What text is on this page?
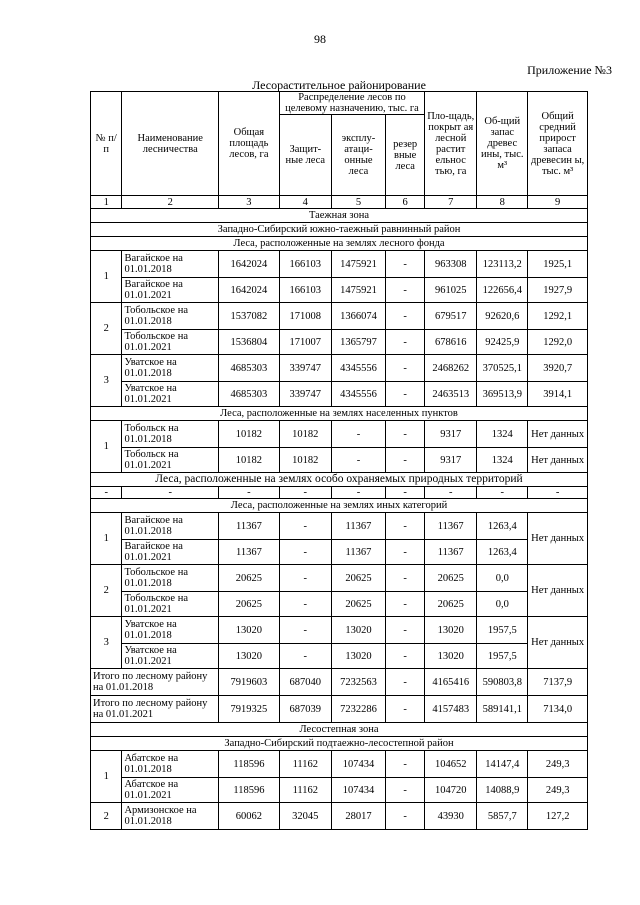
98
Приложение №3
Лесорастительное районирование
№ п/п	Наименование лесничества	Общая площадь лесов, га	Распределение лесов по целевому назначению, тыс. га			Пло-щадь, покрыт ая лесной растит ельнос тью, га	Об-щий запас древес ины, тыс. м³	Общий средний прирост запаса древесин ы, тыс. м³
			Защит-ные леса	эксплу-атаци-онные леса	резер вные леса			
1	2	3	4	5	6	7	8	9
Таежная зона								
Западно-Сибирский южно-таежный равнинный район								
Леса, расположенные на землях лесного фонда								
1	Вагайское на 01.01.2018	1642024	166103	1475921	-	963308	123113,2	1925,1
	Вагайское на 01.01.2021	1642024	166103	1475921	-	961025	122656,4	1927,9
2	Тобольское на 01.01.2018	1537082	171008	1366074	-	679517	92620,6	1292,1
	Тобольское на 01.01.2021	1536804	171007	1365797	-	678616	92425,9	1292,0
3	Уватское на 01.01.2018	4685303	339747	4345556	-	2468262	370525,1	3920,7
	Уватское на 01.01.2021	4685303	339747	4345556	-	2463513	369513,9	3914,1
Леса, расположенные на землях населенных пунктов								
1	Тобольск на 01.01.2018	10182	10182	-	-	9317	1324	Нет данных
	Тобольск на 01.01.2021	10182	10182	-	-	9317	1324	Нет данных
Леса, расположенные на землях особо охраняемых природных территорий								
-	-	-	-	-	-	-	-	-
Леса, расположенные на землях иных категорий								
1	Вагайское на 01.01.2018	11367	-	11367	-	11367	1263,4	Нет данных
	Вагайское на 01.01.2021	11367	-	11367	-	11367	1263,4	
2	Тобольское на 01.01.2018	20625	-	20625	-	20625	0,0	Нет данных
	Тобольское на 01.01.2021	20625	-	20625	-	20625	0,0	
3	Уватское на 01.01.2018	13020	-	13020	-	13020	1957,5	Нет данных
	Уватское на 01.01.2021	13020	-	13020	-	13020	1957,5	
Итого по лесному району на 01.01.2018		7919603	687040	7232563	-	4165416	590803,8	7137,9
Итого по лесному району на 01.01.2021		7919325	687039	7232286	-	4157483	589141,1	7134,0
Лесостепная зона								
Западно-Сибирский подтаежно-лесостепной район								
1	Абатское на 01.01.2018	118596	11162	107434	-	104652	14147,4	249,3
	Абатское на 01.01.2021	118596	11162	107434	-	104720	14088,9	249,3
2	Армизонское на 01.01.2018	60062	32045	28017	-	43930	5857,7	127,2
